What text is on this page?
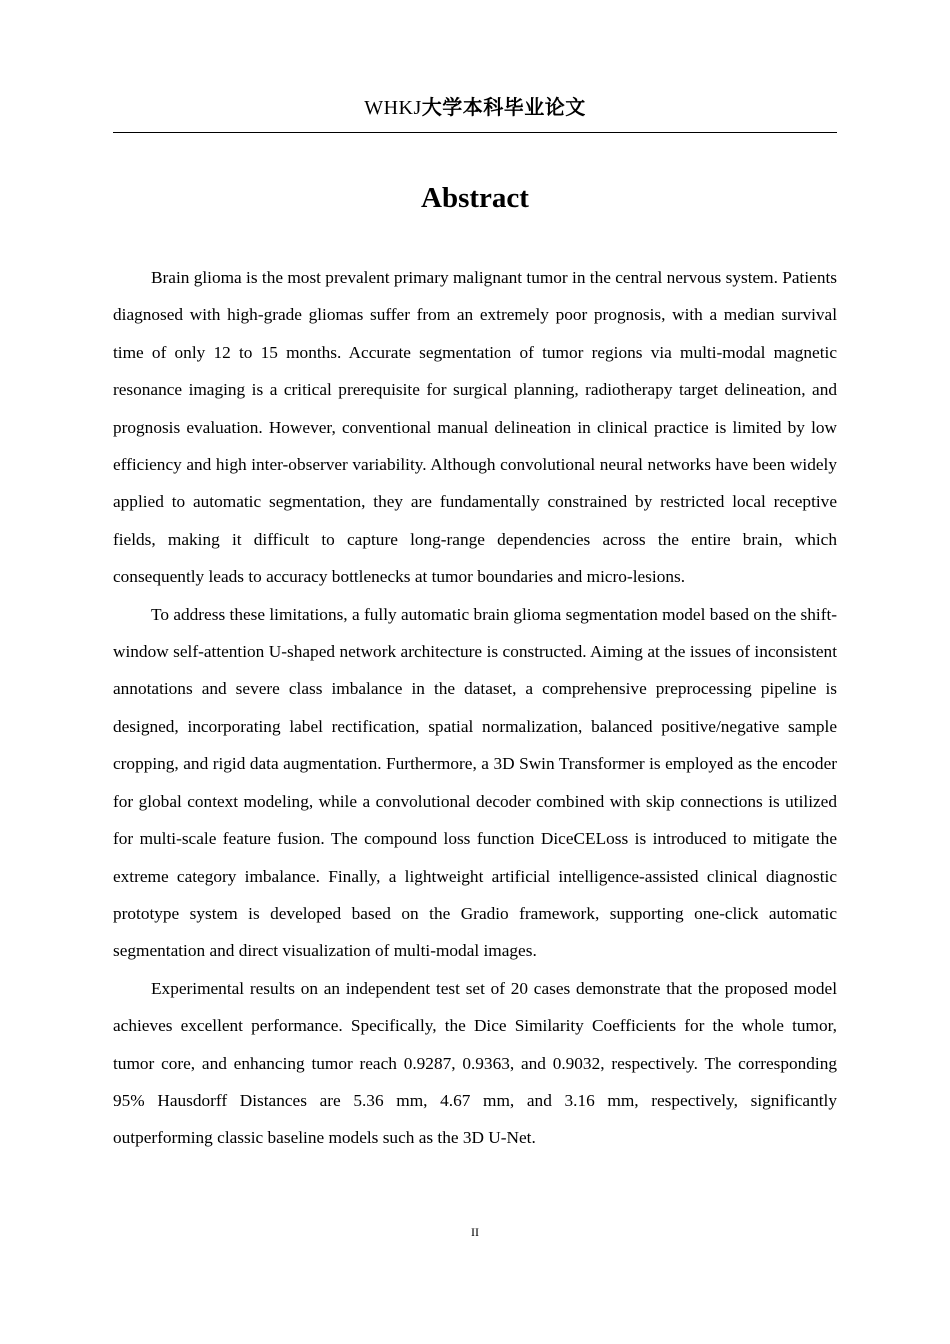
WHKJ大学本科毕业论文
Abstract

Brain glioma is the most prevalent primary malignant tumor in the central nervous system. Patients diagnosed with high-grade gliomas suffer from an extremely poor prognosis, with a median survival time of only 12 to 15 months. Accurate segmentation of tumor regions via multi-modal magnetic resonance imaging is a critical prerequisite for surgical planning, radiotherapy target delineation, and prognosis evaluation. However, conventional manual delineation in clinical practice is limited by low efficiency and high inter-observer variability. Although convolutional neural networks have been widely applied to automatic segmentation, they are fundamentally constrained by restricted local receptive fields, making it difficult to capture long-range dependencies across the entire brain, which consequently leads to accuracy bottlenecks at tumor boundaries and micro-lesions.

To address these limitations, a fully automatic brain glioma segmentation model based on the shift-window self-attention U-shaped network architecture is constructed. Aiming at the issues of inconsistent annotations and severe class imbalance in the dataset, a comprehensive preprocessing pipeline is designed, incorporating label rectification, spatial normalization, balanced positive/negative sample cropping, and rigid data augmentation. Furthermore, a 3D Swin Transformer is employed as the encoder for global context modeling, while a convolutional decoder combined with skip connections is utilized for multi-scale feature fusion. The compound loss function DiceCELoss is introduced to mitigate the extreme category imbalance. Finally, a lightweight artificial intelligence-assisted clinical diagnostic prototype system is developed based on the Gradio framework, supporting one-click automatic segmentation and direct visualization of multi-modal images.

Experimental results on an independent test set of 20 cases demonstrate that the proposed model achieves excellent performance. Specifically, the Dice Similarity Coefficients for the whole tumor, tumor core, and enhancing tumor reach 0.9287, 0.9363, and 0.9032, respectively. The corresponding 95% Hausdorff Distances are 5.36 mm, 4.67 mm, and 3.16 mm, respectively, significantly outperforming classic baseline models such as the 3D U-Net.

II
